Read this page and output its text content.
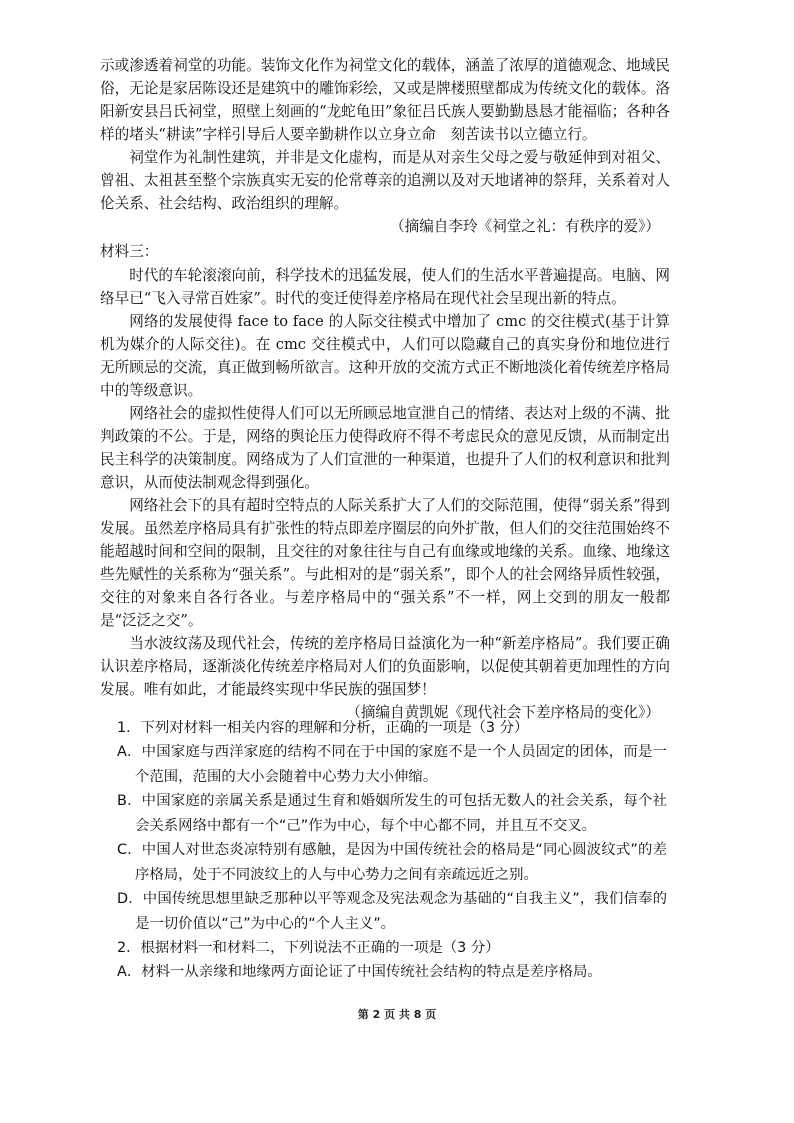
示或渗透着祠堂的功能。装饰文化作为祠堂文化的载体，涵盖了浓厚的道德观念、地域民俗，无论是家居陈设还是建筑中的雕饰彩绘，又或是牌楼照壁都成为传统文化的载体。洛阳新安县吕氏祠堂，照壁上刻画的“龙蛇龟田”象征吕氏族人要勤勤恳恳才能福临；各种各样的堵头“耕读”字样引导后人要辛勤耕作以立身立命　刻苦读书以立德立行。
祠堂作为礼制性建筑，并非是文化虚构，而是从对亲生父母之爱与敬延伸到对祖父、曾祖、太祖甚至整个宗族真实无妄的伦常尊亲的追溯以及对天地诸神的祭拜，关系着对人伦关系、社会结构、政治组织的理解。
（摘编自李玲《祠堂之礼：有秩序的爱》）
材料三：
时代的车轮滚滚向前，科学技术的迅猛发展，使人们的生活水平普遍提高。电脑、网络早已“飞入寻常百姓家”。时代的变迁使得差序格局在现代社会呈现出新的特点。
网络的发展使得 face to face 的人际交往模式中增加了 cmc 的交往模式(基于计算机为媒介的人际交往)。在 cmc 交往模式中，人们可以隐藏自己的真实身份和地位进行无所顾忌的交流，真正做到畅所欲言。这种开放的交流方式正不断地淡化着传统差序格局中的等级意识。
网络社会的虚拟性使得人们可以无所顾忌地宣泄自己的情绪、表达对上级的不满、批判政策的不公。于是，网络的舆论压力使得政府不得不考虑民众的意见反馈，从而制定出民主科学的决策制度。网络成为了人们宣泄的一种渠道，也提升了人们的权利意识和批判意识，从而使法制观念得到强化。
网络社会下的具有超时空特点的人际关系扩大了人们的交际范围，使得“弱关系”得到发展。虽然差序格局具有扩张性的特点即差序圈层的向外扩散，但人们的交往范围始终不能超越时间和空间的限制，且交往的对象往往与自己有血缘或地缘的关系。血缘、地缘这些先赋性的关系称为“强关系”。与此相对的是“弱关系”，即个人的社会网络异质性较强，交往的对象来自各行各业。与差序格局中的“强关系”不一样，网上交到的朋友一般都是“泛泛之交”。
当水波纹荡及现代社会，传统的差序格局日益演化为一种“新差序格局”。我们要正确认识差序格局，逐渐淡化传统差序格局对人们的负面影响，以促使其朝着更加理性的方向发展。唯有如此，才能最终实现中华民族的强国梦！
（摘编自黄凯妮《现代社会下差序格局的变化》）
1．下列对材料一相关内容的理解和分析，正确的一项是（3 分）
A．中国家庭与西洋家庭的结构不同在于中国的家庭不是一个人员固定的团体，而是一个范围，范围的大小会随着中心势力大小伸缩。
B．中国家庭的亲属关系是通过生育和婚姻所发生的可包括无数人的社会关系，每个社会关系网络中都有一个“己”作为中心，每个中心都不同，并且互不交叉。
C．中国人对世态炎凉特别有感触，是因为中国传统社会的格局是“同心圆波纹式”的差序格局，处于不同波纹上的人与中心势力之间有亲疏远近之别。
D．中国传统思想里缺乏那种以平等观念及宪法观念为基础的“自我主义”，我们信奉的是一切价值以“己”为中心的“个人主义”。
2．根据材料一和材料二，下列说法不正确的一项是（3 分）
A．材料一从亲缘和地缘两方面论证了中国传统社会结构的特点是差序格局。
第 2 页 共 8 页
